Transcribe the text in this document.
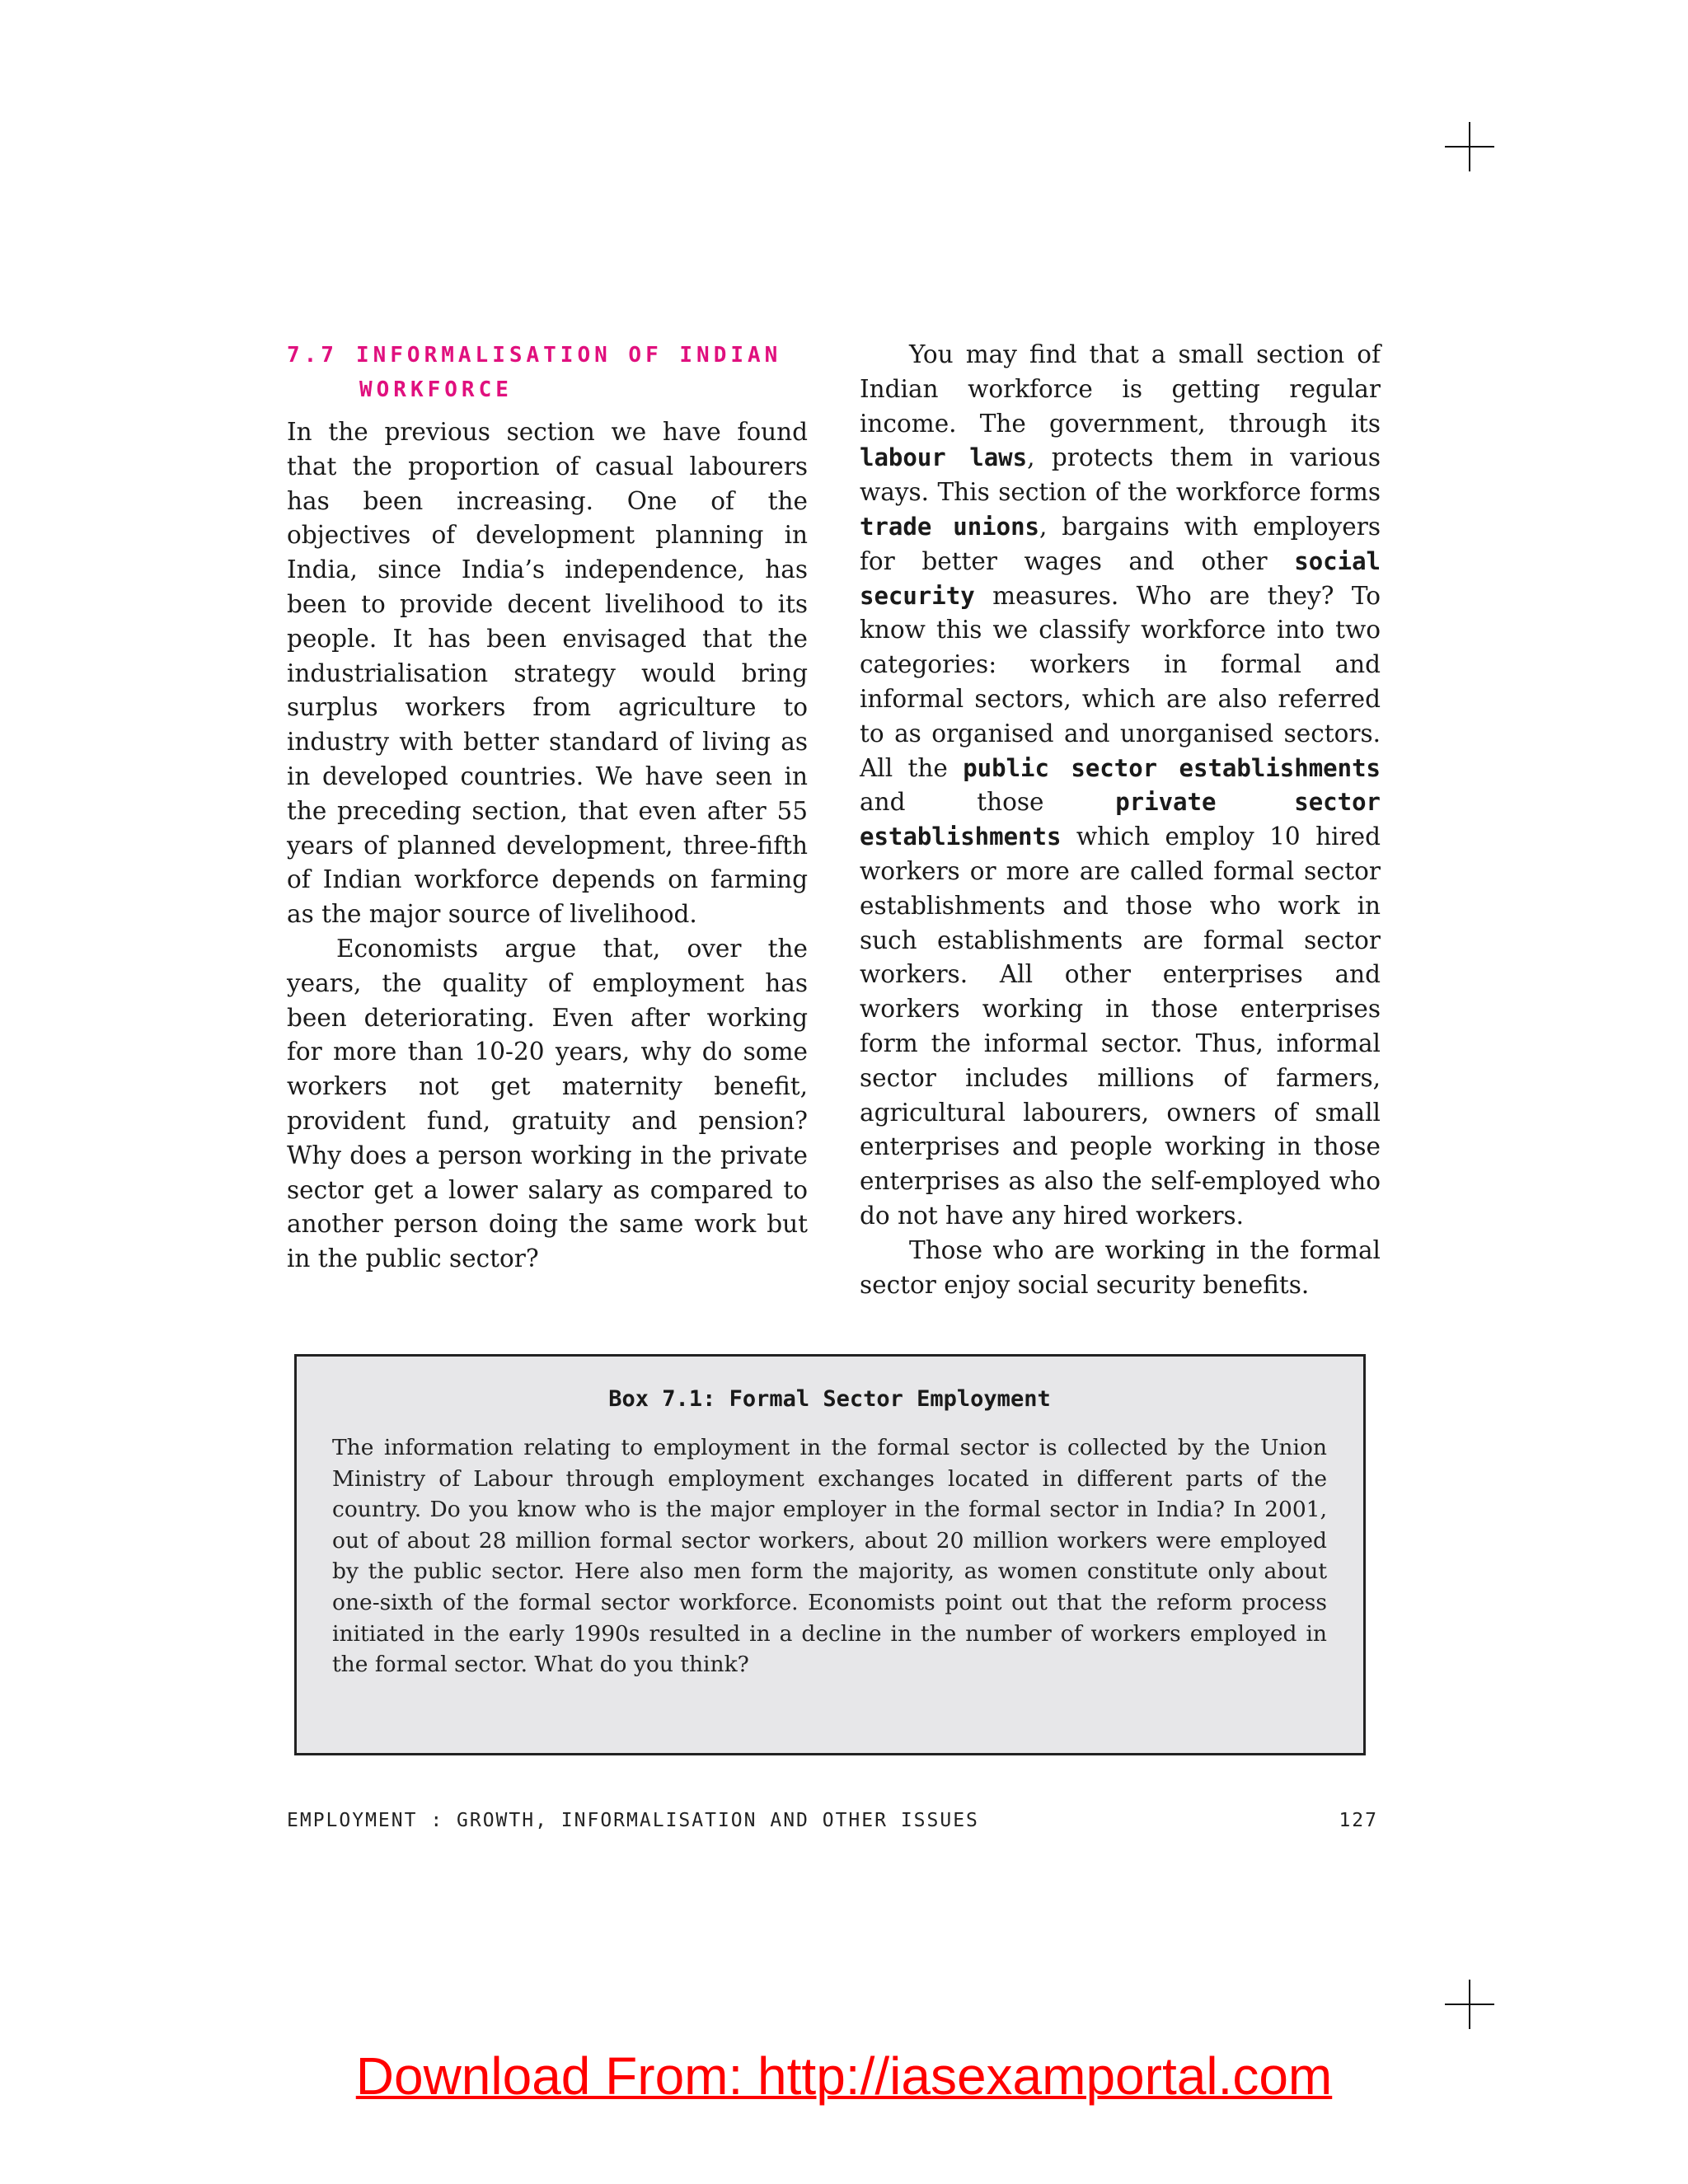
7.7 INFORMALISATION OF INDIAN
WORKFORCE

In the previous section we have found that the proportion of casual labourers has been increasing. One of the objectives of development planning in India, since India’s independence, has been to provide decent livelihood to its people. It has been envisaged that the industrialisation strategy would bring surplus workers from agriculture to industry with better standard of living as in developed countries. We have seen in the preceding section, that even after 55 years of planned development, three-fifth of Indian workforce depends on farming as the major source of livelihood.

Economists argue that, over the years, the quality of employment has been deteriorating. Even after working for more than 10-20 years, why do some workers not get maternity benefit, provident fund, gratuity and pension? Why does a person working in the private sector get a lower salary as compared to another person doing the same work but in the public sector?

You may find that a small section of Indian workforce is getting regular income. The government, through its labour laws, protects them in various ways. This section of the workforce forms trade unions, bargains with employers for better wages and other social security measures. Who are they? To know this we classify workforce into two categories: workers in formal and informal sectors, which are also referred to as organised and unorganised sectors. All the public sector establishments and those private sector establishments which employ 10 hired workers or more are called formal sector establishments and those who work in such establishments are formal sector workers. All other enterprises and workers working in those enterprises form the informal sector. Thus, informal sector includes millions of farmers, agricultural labourers, owners of small enterprises and people working in those enterprises as also the self-employed who do not have any hired workers.

Those who are working in the formal sector enjoy social security benefits.

Box 7.1: Formal Sector Employment

The information relating to employment in the formal sector is collected by the Union Ministry of Labour through employment exchanges located in different parts of the country. Do you know who is the major employer in the formal sector in India? In 2001, out of about 28 million formal sector workers, about 20 million workers were employed by the public sector. Here also men form the majority, as women constitute only about one-sixth of the formal sector workforce. Economists point out that the reform process initiated in the early 1990s resulted in a decline in the number of workers employed in the formal sector. What do you think?

EMPLOYMENT : GROWTH, INFORMALISATION AND OTHER ISSUES	127
Download From: http://iasexamportal.com
